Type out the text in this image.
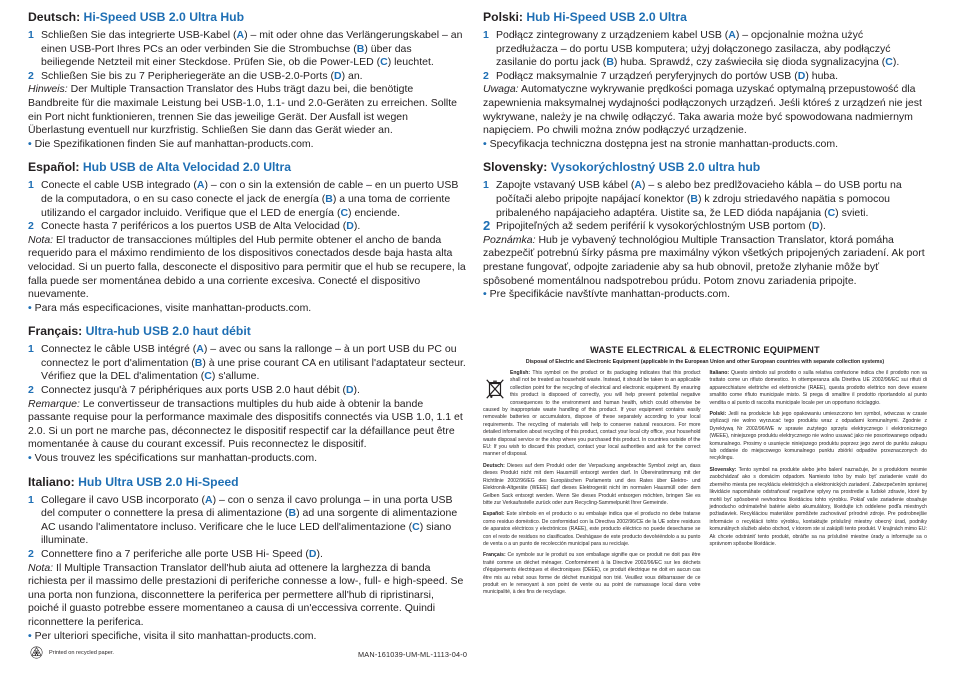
Deutsch: Hi-Speed USB 2.0 Ultra Hub
1 Schließen Sie das integrierte USB-Kabel (A) – mit oder ohne das Verlängerungskabel – an einen USB-Port Ihres PCs an oder verbinden Sie die Strombuchse (B) über das beiliegende Netzteil mit einer Steckdose. Prüfen Sie, ob die Power-LED (C) leuchtet.
2 Schließen Sie bis zu 7 Peripheriegeräte an die USB-2.0-Ports (D) an.
Hinweis: Der Multiple Transaction Translator des Hubs trägt dazu bei, die benötigte Bandbreite für die maximale Leistung bei USB-1.0, 1.1- und 2.0-Geräten zu erreichen. Sollte ein Port nicht funktionieren, trennen Sie das jeweilige Gerät. Der Ausfall ist wegen Überlastung eventuell nur kurzfristig. Schließen Sie dann das Gerät wieder an.
• Die Spezifikationen finden Sie auf manhattan-products.com.
Español: Hub USB de Alta Velocidad 2.0 Ultra
1 Conecte el cable USB integrado (A) – con o sin la extensión de cable – en un puerto USB de la computadora, o en su caso conecte el jack de energía (B) a una toma de corriente utilizando el cargador incluido. Verifique que el LED de energía (C) enciende.
2 Conecte hasta 7 periféricos a los puertos USB de Alta Velocidad (D).
Nota: El traductor de transacciones múltiples del Hub permite obtener el ancho de banda requerido para el máximo rendimiento de los dispositivos conectados desde baja hasta alta velocidad. Si un puerto falla, desconecte el dispositivo para permitir que el hub se recupere, la falla puede ser momentánea debido a una corriente excesiva. Conecté el dispositivo nuevamente.
• Para más especificaciones, visite manhattan-products.com.
Français: Ultra-hub USB 2.0 haut débit
1 Connectez le câble USB intégré (A) – avec ou sans la rallonge – à un port USB du PC ou connectez le port d'alimentation (B) à une prise courant CA en utilisant l'adaptateur secteur. Vérifiez que la DEL d'alimentation (C) s'allume.
2 Connectez jusqu'à 7 périphériques aux ports USB 2.0 haut débit (D).
Remarque: Le convertisseur de transactions multiples du hub aide à obtenir la bande passante requise pour la performance maximale des dispositifs connectés via USB 1.0, 1.1 et 2.0. Si un port ne marche pas, déconnectez le dispositif respectif car la défaillance peut être momentanée à cause du courant excessif. Puis reconnectez le dispositif.
• Vous trouvez les spécifications sur manhattan-products.com.
Italiano: Hub Ultra USB 2.0 Hi-Speed
1 Collegare il cavo USB incorporato (A) – con o senza il cavo prolunga – in una porta USB del computer o connettere la presa di alimentazione (B) ad una sorgente di alimentazione AC usando l'alimentatore incluso. Verificare che le luce LED dell'alimentazione (C) siano illuminate.
2 Connettere fino a 7 periferiche alle porte USB Hi- Speed (D).
Nota: Il Multiple Transaction Translator dell'hub aiuta ad ottenere la larghezza di banda richiesta per il massimo delle prestazioni di periferiche connesse a low-, full- e high-speed. Se una porta non funziona, disconnettere la periferica per permettere all'hub di ripristinarsi, poiché il guasto potrebbe essere momentaneo a causa di un'eccessiva corrente. Quindi riconnettere la periferica.
• Per ulteriori specifiche, visita il sito manhattan-products.com.
Polski: Hub Hi-Speed USB 2.0 Ultra
1 Podłącz zintegrowany z urządzeniem kabel USB (A) – opcjonalnie można użyć przedłużacza – do portu USB komputera; użyj dołączonego zasilacza, aby podłączyć zasilanie do portu jack (B) huba. Sprawdź, czy zaświeciła się dioda sygnalizacyjna (C).
2 Podłącz maksymalnie 7 urządzeń peryferyjnych do portów USB (D) huba.
Uwaga: Automatyczne wykrywanie prędkości pomaga uzyskać optymalną przepustowość dla zapewnienia maksymalnej wydajności podłączonych urządzeń. Jeśli któreś z urządzeń nie jest wykrywane, należy je na chwilę odłączyć. Taka awaria może być spowodowana nadmiernym napięciem. Po chwili można znów podłączyć urządzenie.
• Specyfikacja techniczna dostępna jest na stronie manhattan-products.com.
Slovensky: Vysokorýchlostný USB 2.0 ultra hub
1 Zapojte vstavaný USB kábel (A) – s alebo bez predlžovacieho kábla – do USB portu na počítači alebo pripojte napájací konektor (B) k zdroju striedavého napätia s pomocou pribaleného napájacieho adaptéra. Uistite sa, že LED dióda napájania (C) svieti.
2 Pripojiteľných až sedem periférií k vysokorýchlostným USB portom (D).
Poznámka: Hub je vybavený technológiou Multiple Transaction Translator, ktorá pomáha zabezpečiť potrebnú šírky pásma pre maximálny výkon všetkých pripojených zariadení. Ak port prestane fungovať, odpojte zariadenie aby sa hub obnovil, pretože zlyhanie môže byť spôsobené momentálnou nadspotrebou prúdu. Potom znovu zariadenia pripojte.
• Pre špecifikácie navštívte manhattan-products.com.
WASTE ELECTRICAL & ELECTRONIC EQUIPMENT
Disposal of Electric and Electronic Equipment (applicable in the European Union and other European countries with separate collection systems)

English: This symbol on the product or its packaging indicates that this product shall not be treated as household waste. Instead, it should be taken to an applicable collection point for the recycling of electrical and electronic equipment. By ensuring this product is disposed of correctly, you will help prevent potential negative consequences to the environment and human health, which could otherwise be caused by inappropriate waste handling of this product. If your equipment contains easily removable batteries or accumulators, dispose of these separately according to your local requirements. The recycling of materials will help to conserve natural resources. For more detailed information about recycling of this product, contact your local city office, your household waste disposal service or the shop where you purchased this product. In countries outside of the EU: If you wish to discard this product, contact your local authorities and ask for the correct manner of disposal.

Deutsch: Dieses auf dem Produkt oder der Verpackung angebrachte Symbol zeigt an, dass dieses Produkt nicht mit dem Hausmüll entsorgt werden darf. In Übereinstimmung mit der Richtlinie 2002/96/EG des Europäischen Parlaments und des Rates über Elektro- und Elektronik-Altgeräte (WEEE) darf dieses Elektrogerät nicht im normalen Hausmüll oder dem Gelben Sack entsorgt werden. Wenn Sie dieses Produkt entsorgen möchten, bringen Sie es bitte zur Verkaufsstelle zurück oder zum Recycling-Sammelpunkt Ihrer Gemeinde.

Español: Este símbolo en el producto o su embalaje indica que el producto no debe tratarse como residuo doméstico. De conformidad con la Directiva 2002/96/CE de la UE sobre residuos de aparatos eléctricos y electrónicos (RAEE), este producto eléctrico no puede desecharse se con el resto de residuos no clasificados. Deshágase de este producto devolviéndolo a su punto de venta o a un punto de recolección municipal para su reciclaje.

Français: Ce symbole sur le produit ou son emballage signifie que ce produit ne doit pas être traité comme un déchet ménager. Conformément à la Directive 2002/96/EC sur les déchets d'équipements électriques et électroniques (DEEE), ce produit électrique ne doit en aucun cas être mis au rebut sous forme de déchet municipal non trié. Veuillez vous débarrasser de ce produit en le renvoyant à son point de vente ou au point de ramassage local dans votre municipalité, à des fins de recyclage.

Italiano: Questo simbolo sul prodotto o sulla relativa confezione indica che il prodotto non va trattato come un rifiuto domestico. In ottemperanza alla Direttiva UE 2002/96/EC sui rifiuti di apparecchiature elettriche ed elettroniche (RAEE), questa prodotto elettrico non deve essere smaltito come rifiuto municipale misto. Si prega di smaltire il prodotto riportandolo al punto vendita o al punto di raccolta municipale locale per un opportuno riciclaggio.

Polski: Jeśli na produkcie lub jego opakowaniu umieszczono ten symbol, wówczas w czasie utylizacji nie wolno wyrzucać tego produktu wraz z odpadami komunalnymi. Zgodnie z Dyrektywą Nr 2002/96/WE w sprawie zużytego sprzętu elektrycznego i elektronicznego (WEEE), niniejszego produktu elektrycznego nie wolno usuwać jako nie posortowanego odpadu komunalnego. Prosimy o usunięcie niniejszego produktu poprzez jego zwrot do punktu zakupu lub oddanie do miejscowego komunalnego punktu zbiórki odpadów przeznaczonych do recyklingu.

Slovensky: Tento symbol na produkte alebo jeho balení naznačuje, že s produktom nesmie zaobchádzať ako s domácim odpadom. Namiesto toho by malo byť zariadenie vzaté do zberného miesta pre recykláciu elektrických a elektronických zariadení. Zabezpečením správnej likvidácie napomáhate odstraňovať negatívne vplyvy na prostredie a ľudské zdravie, ktoré by mohli byť spôsobené nevhodnou likvidáciou tohto výrobku. Pokiaľ vaše zariadenie obsahuje jednoducho odnímateľné batérie alebo akumulátory, likvidujte ich oddelene podľa miestnych požiadaviek. Recykláciou materiálov pomôžete zachovávať prírodné zdroje. Pre podrobnejšie informácie o recyklácii tohto výrobku, kontaktujte príslušný miestny obecný úrad, podniky komunálnych služieb alebo obchod, v ktorom ste si zakúpili tento produkt. V krajinách mimo EU: Ak chcete odstrániť tento produkt, obráťte sa na príslušné miestne úrady a informujte sa o správnom spôsobe likvidácie.

Printed on recycled paper.	MAN-161039-UM-ML-1113-04-0
